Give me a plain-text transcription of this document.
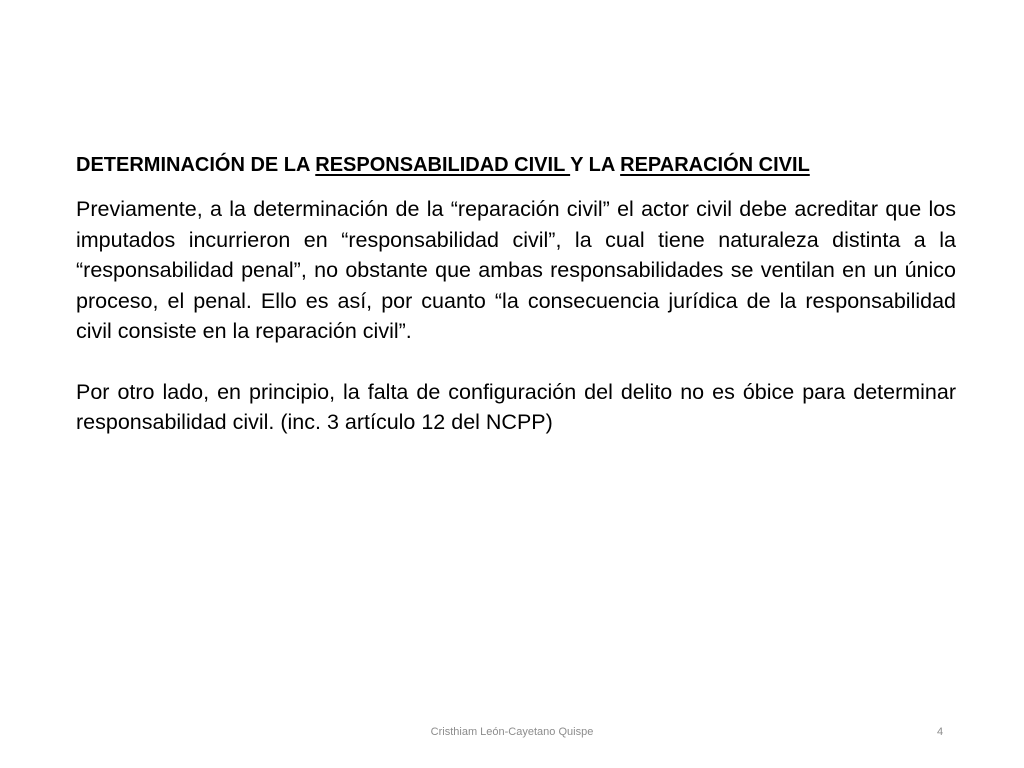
DETERMINACIÓN DE LA RESPONSABILIDAD CIVIL Y LA REPARACIÓN CIVIL

Previamente, a la determinación de la “reparación civil” el actor civil debe acreditar que los imputados incurrieron en “responsabilidad civil”, la cual tiene naturaleza distinta a la “responsabilidad penal”, no obstante que ambas responsabilidades se ventilan en un único proceso, el penal. Ello es así, por cuanto “la consecuencia jurídica de la responsabilidad civil consiste en la reparación civil”.

Por otro lado, en principio, la falta de configuración del delito no es óbice para determinar responsabilidad civil. (inc. 3 artículo 12 del NCPP)

Cristhiam León-Cayetano Quispe	4
